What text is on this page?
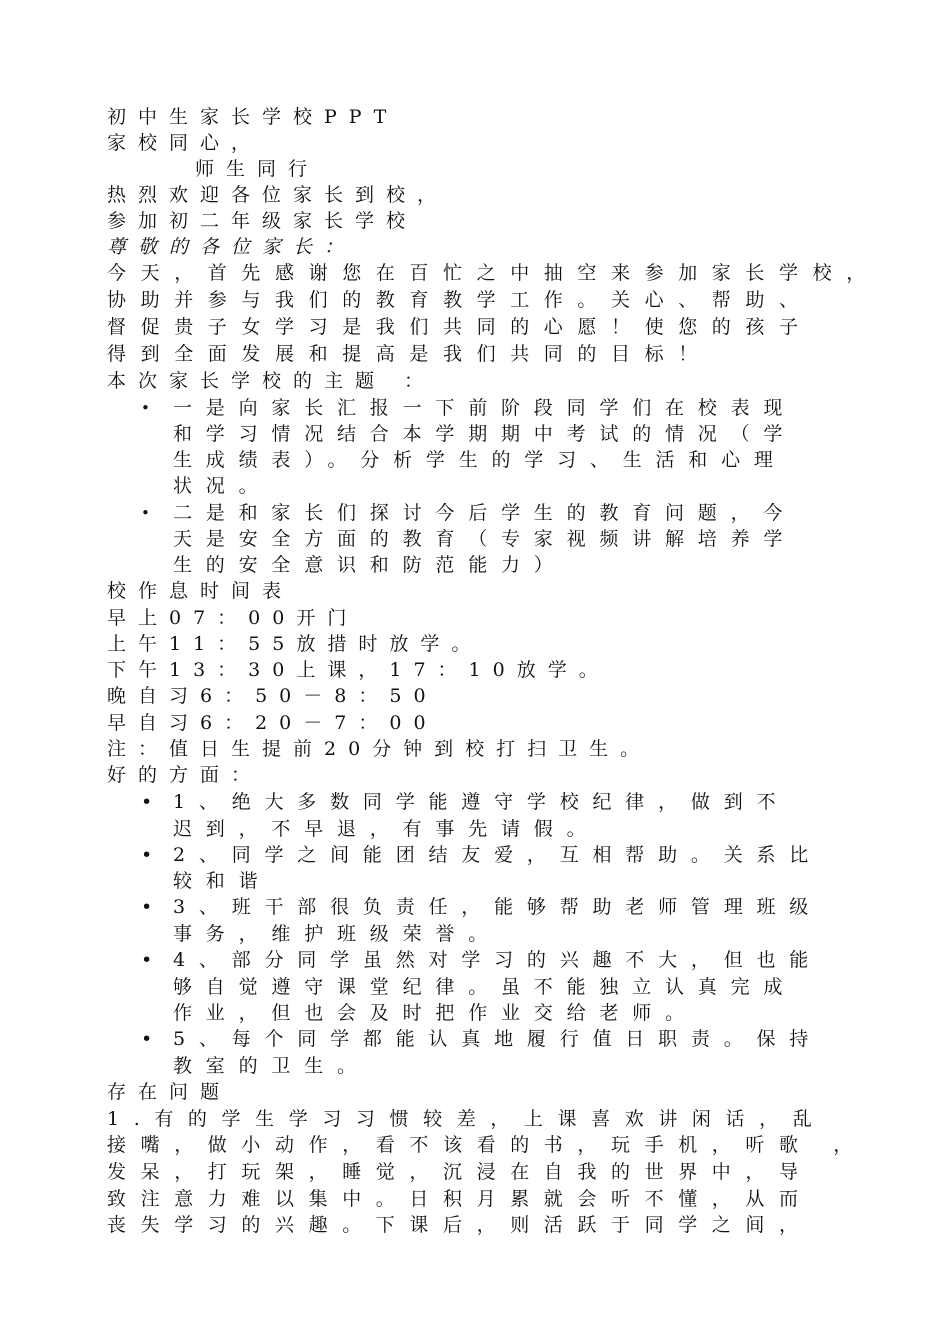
初中生家长学校PPT
家校同心，
师生同行
热烈欢迎各位家长到校，
参加初二年级家长学校
尊敬的各位家长：
今天，首先感谢您在百忙之中抽空来参加家长学校，
协助并参与我们的教育教学工作。关心、帮助、
督促贵子女学习是我们共同的心愿！使您的孩子
得到全面发展和提高是我们共同的目标！
本次家长学校的主题 ：
• 一是向家长汇报一下前阶段同学们在校表现
和学习情况结合本学期期中考试的情况（学
生成绩表）。分析学生的学习、生活和心理
状况。
• 二是和家长们探讨今后学生的教育问题，今
天是安全方面的教育（专家视频讲解培养学
生的安全意识和防范能力）
校作息时间表
早上07：00开门
上午11：55放措时放学。
下午13：30上课，17：10放学。
晚自习6：50－8：50
早自习6：20－7：00
注：值日生提前20分钟到校打扫卫生。
好的方面：
• 1、绝大多数同学能遵守学校纪律，做到不
迟到，不早退，有事先请假。
• 2、同学之间能团结友爱，互相帮助。关系比
较和谐
• 3、班干部很负责任，能够帮助老师管理班级
事务，维护班级荣誉。
• 4、部分同学虽然对学习的兴趣不大，但也能
够自觉遵守课堂纪律。虽不能独立认真完成
作业，但也会及时把作业交给老师。
• 5、每个同学都能认真地履行值日职责。保持
教室的卫生。
存在问题
1.有的学生学习习惯较差，上课喜欢讲闲话，乱
接嘴，做小动作，看不该看的书，玩手机，听歌 ，
发呆，打玩架，睡觉，沉浸在自我的世界中，导
致注意力难以集中。日积月累就会听不懂，从而
丧失学习的兴趣。下课后，则活跃于同学之间，
